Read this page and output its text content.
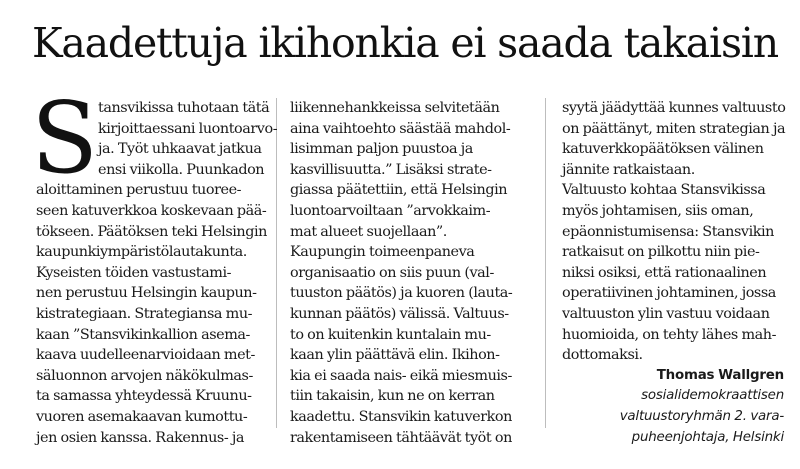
Kaadettuja ikihonkia ei saada takaisin
S tansvikissa tuhotaan tätä
kirjoittaessani luontoarvo-
ja. Työt uhkaavat jatkua
ensi viikolla. Puunkadon
aloittaminen perustuu tuoree-
seen katuverkkoa koskevaan pää-
tökseen. Päätöksen teki Helsingin
kaupunkiympäristölautakunta.
Kyseisten töiden vastustami-
nen perustuu Helsingin kaupun-
kistrategiaan. Strategiansa mu-
kaan ”Stansvikinkallion asema-
kaava uudelleenarvioidaan met-
säluonnon arvojen näkökulmas-
ta samassa yhteydessä Kruunu-
vuoren asemakaavan kumottu-
jen osien kanssa. Rakennus- ja
liikennehankkeissa selvitetään
aina vaihtoehto säästää mahdol-
lisimman paljon puustoa ja
kasvillisuutta.” Lisäksi strate-
giassa päätettiin, että Helsingin
luontoarvoiltaan ”arvokkaim-
mat alueet suojellaan”.
Kaupungin toimeenpaneva
organisaatio on siis puun (val-
tuuston päätös) ja kuoren (lauta-
kunnan päätös) välissä. Valtuus-
to on kuitenkin kuntalain mu-
kaan ylin päättävä elin. Ikihon-
kia ei saada nais- eikä miesmuis-
tiin takaisin, kun ne on kerran
kaadettu. Stansvikin katuverkon
rakentamiseen tähtäävät työt on
syytä jäädyttää kunnes valtuusto
on päättänyt, miten strategian ja
katuverkkopäätöksen välinen
jännite ratkaistaan.
Valtuusto kohtaa Stansvikissa
myös johtamisen, siis oman,
epäonnistumisensa: Stansvikin
ratkaisut on pilkottu niin pie-
niksi osiksi, että rationaalinen
operatiivinen johtaminen, jossa
valtuuston ylin vastuu voidaan
huomioida, on tehty lähes mah-
dottomaksi.
Thomas Wallgren
sosialidemokraattisen
valtuustoryhmän 2. vara-
puheenjohtaja, Helsinki
